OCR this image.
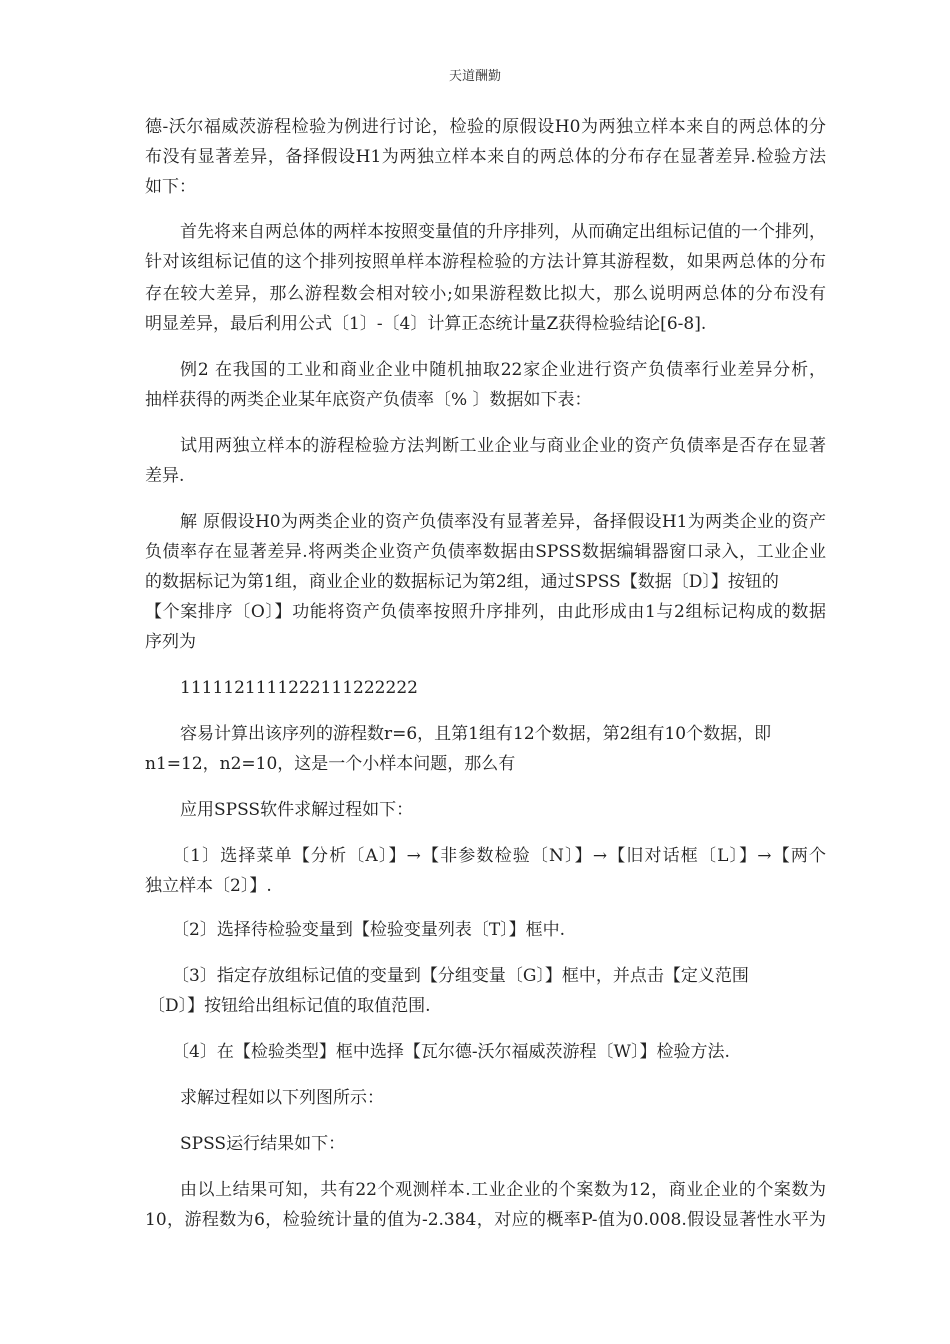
天道酬勤
德-沃尔福威茨游程检验为例进行讨论，检验的原假设H0为两独立样本来自的两总体的分
布没有显著差异，备择假设H1为两独立样本来自的两总体的分布存在显著差异.检验方法
如下：
首先将来自两总体的两样本按照变量值的升序排列，从而确定出组标记值的一个排列，
针对该组标记值的这个排列按照单样本游程检验的方法计算其游程数，如果两总体的分布
存在较大差异，那么游程数会相对较小;如果游程数比拟大，那么说明两总体的分布没有
明显差异，最后利用公式〔1〕-〔4〕计算正态统计量Z获得检验结论[6-8].
例2 在我国的工业和商业企业中随机抽取22家企业进行资产负债率行业差异分析，
抽样获得的两类企业某年底资产负债率〔% 〕数据如下表：
试用两独立样本的游程检验方法判断工业企业与商业企业的资产负债率是否存在显著
差异.
解 原假设H0为两类企业的资产负债率没有显著差异，备择假设H1为两类企业的资产
负债率存在显著差异.将两类企业资产负债率数据由SPSS数据编辑器窗口录入，工业企业
的数据标记为第1组，商业企业的数据标记为第2组，通过SPSS【数据〔D〕】按钮的
【个案排序〔O〕】功能将资产负债率按照升序排列，由此形成由1与2组标记构成的数据
序列为
1111121111222111222222
容易计算出该序列的游程数r=6，且第1组有12个数据，第2组有10个数据，即
n1=12，n2=10，这是一个小样本问题，那么有
应用SPSS软件求解过程如下：
〔1〕选择菜单【分析〔A〕】→【非参数检验〔N〕】→【旧对话框〔L〕】→【两个
独立样本〔2〕】.
〔2〕选择待检验变量到【检验变量列表〔T〕】框中.
〔3〕指定存放组标记值的变量到【分组变量〔G〕】框中，并点击【定义范围
〔D〕】按钮给出组标记值的取值范围.
〔4〕在【检验类型】框中选择【瓦尔德-沃尔福威茨游程〔W〕】检验方法.
求解过程如以下列图所示：
SPSS运行结果如下：
由以上结果可知，共有22个观测样本.工业企业的个案数为12，商业企业的个案数为
10，游程数为6，检验统计量的值为-2.384，对应的概率P-值为0.008.假设显著性水平为
